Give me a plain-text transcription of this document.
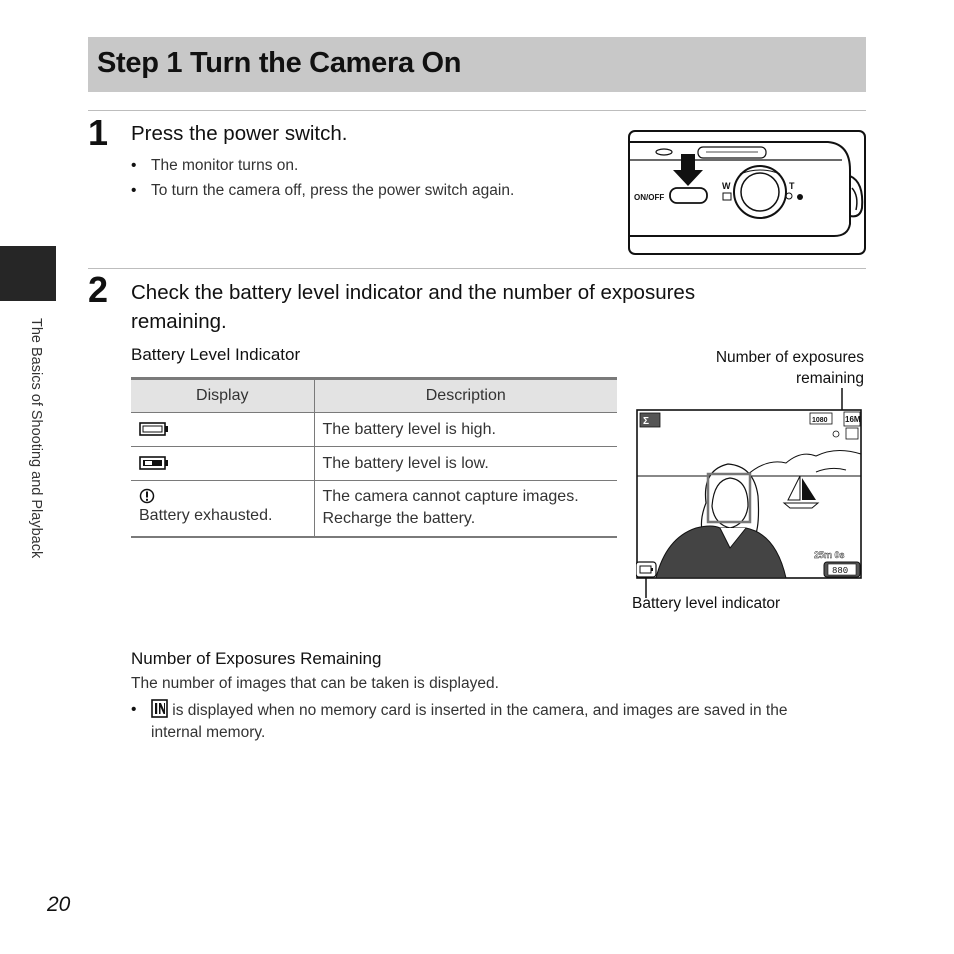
Step 1 Turn the Camera On
1 Press the power switch.
• The monitor turns on.
• To turn the camera off, press the power switch again.	ON/OFF
W	T
2 Check the battery level indicator and the number of exposures
remaining.
Battery Level Indicator
Display	Description
	The battery level is high.
	The battery level is low.

Battery exhausted.	The camera cannot capture images.
Recharge the battery.
Number of exposures
remaining
Σ	1080 16M
25m 0s
880
Battery level indicator
Number of Exposures Remaining
The number of images that can be taken is displayed.
• is displayed when no memory card is inserted in the camera, and images are saved in the
internal memory.
The Basics of Shooting and Playback
20
